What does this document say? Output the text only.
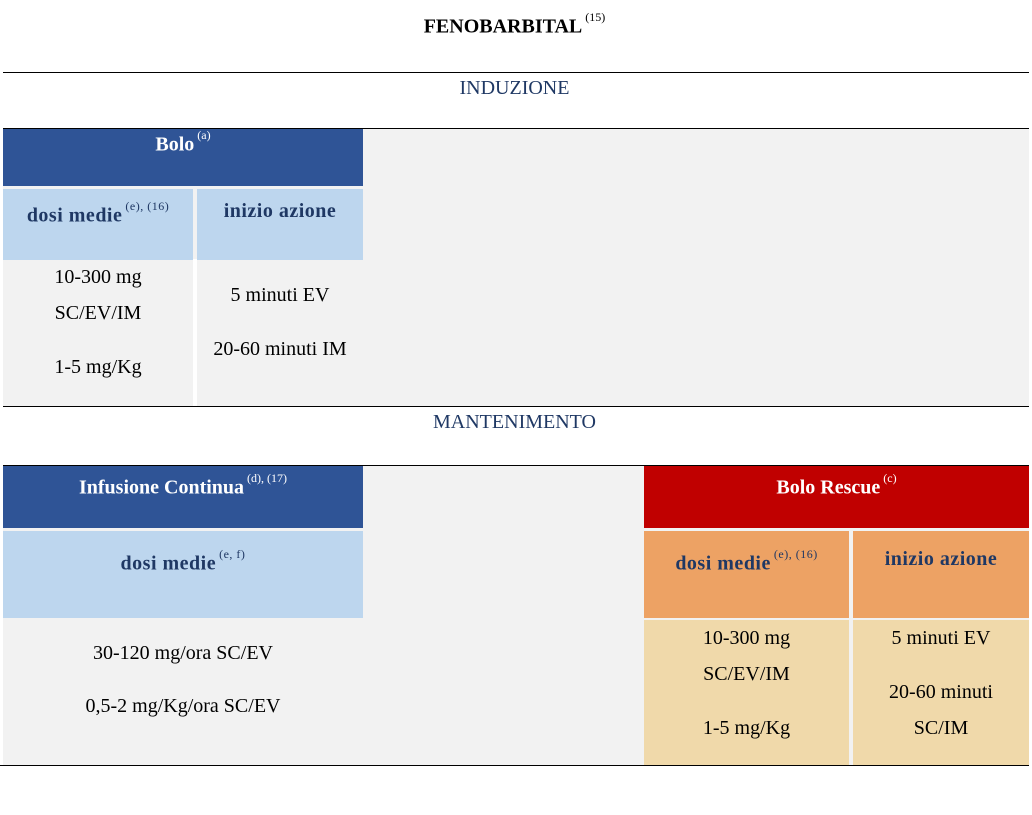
FENOBARBITAL $^{(15)}$
INDUZIONE
Bolo $^{(a)}$
dosi medie $^{(e), (16)}$	inizio azione
10-300 mg
SC/EV/IM
1-5 mg/Kg
5 minuti EV
20-60 minuti IM
MANTENIMENTO
Infusione Continua $^{(d), (17)}$
dosi medie $^{(e, f)}$
30-120 mg/ora SC/EV
0,5-2 mg/Kg/ora SC/EV
Bolo Rescue $^{(c)}$
dosi medie $^{(e), (16)}$	inizio azione
10-300 mg
SC/EV/IM
1-5 mg/Kg
5 minuti EV
20-60 minuti
SC/IM
